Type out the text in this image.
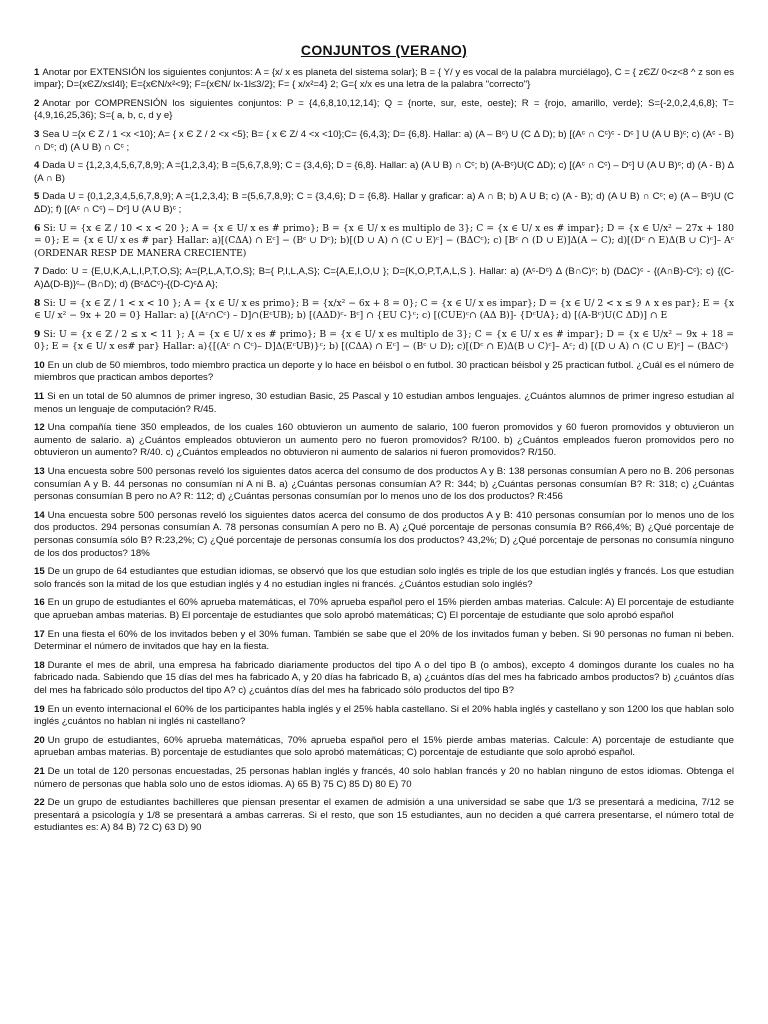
CONJUNTOS (VERANO)
1 Anotar por EXTENSIÓN los siguientes conjuntos: A = {x/ x es planeta del sistema solar}; B = { Y/ y es vocal de la palabra murciélago}, C = { zЄZ/ 0<z<8 ^ z son es impar}; D={xЄZ/x≤l4l}; E={xЄN/x²<9}; F={xЄN/ lx-1l≤3/2}; F= { x/x²=4} 2; G={ x/x es una letra de la palabra "correcto"}
2 Anotar por COMPRENSIÓN los siguientes conjuntos: P = {4,6,8,10,12,14}; Q = {norte, sur, este, oeste}; R = {rojo, amarillo, verde}; S={-2,0,2,4,6,8}; T={4,9,16,25,36}; S={ a, b, c, d y e}
3 Sea U ={x Є Z / 1 <x <10}; A= { x Є Z / 2 <x <5}; B= { x Є Z/ 4 <x <10};C= {6,4,3}; D= {6,8}. Hallar: a) (A – Bᶜ) U (C Δ D); b) [(Aᶜ ∩ Cᶜ)ᶜ - Dᶜ ] U (A U B)ᶜ; c) (Aᶜ - B) ∩ Dᶜ; d) (A U B) ∩ Cᶜ ;
4 Dada U = {1,2,3,4,5,6,7,8,9}; A ={1,2,3,4}; B ={5,6,7,8,9}; C = {3,4,6}; D = {6,8}. Hallar: a) (A U B) ∩ Cᶜ; b) (A-Bᶜ)U(C ΔD); c) [(Aᶜ ∩ Cᶜ) – Dᶜ] U (A U B)ᶜ; d) (A - B) Δ (A ∩ B)
5 Dada U = {0,1,2,3,4,5,6,7,8,9}; A ={1,2,3,4}; B ={5,6,7,8,9}; C = {3,4,6}; D = {6,8}. Hallar y graficar: a) A ∩ B; b) A U B; c) (A - B); d) (A U B) ∩ Cᶜ; e) (A – Bᶜ)U (C ΔD); f) [(Aᶜ ∩ Cᶜ) – Dᶜ] U (A U B)ᶜ ;
6 Si: U = {x ∈ ℤ / 10 < x < 20 }; A = {x ∈ U/ x es # primo}; B = {x ∈ U/ x es multiplo de 3}; C = {x ∈ U/ x es # impar}; D = {x ∈ U/x² − 27x + 180 = 0}; E = {x ∈ U/ x es # par} Hallar: a)[(CΔA) ∩ Eᶜ] − (Bᶜ ∪ Dᶜ); b)[(D ∪ A) ∩ (C ∪ E)ᶜ] − (BΔCᶜ); c) [Bᶜ ∩ (D ∪ E)]Δ(A − C); d)[(Dᶜ ∩ E)Δ(B ∪ C)ᶜ]– Aᶜ (ORDENAR RESP DE MANERA CRECIENTE)
7 Dado: U = {E,U,K,A,L,I,P,T,O,S}; A={P,L,A,T,O,S}; B={ P,I,L,A,S}; C={A,E,I,O,U }; D={K,O,P,T,A,L,S }. Hallar: a) (Aᶜ-Dᶜ) Δ (B∩C)ᶜ; b) (DΔC)ᶜ - {(A∩B)-Cᶜ}; c) {(C-A)Δ(D-B)}ᶜ– (B∩D); d) (BᶜΔCᶜ)-{(D-C)ᶜΔ A};
8 Si: U = {x ∈ ℤ / 1 < x < 10 }; A = {x ∈ U/ x es primo}; B = {x/x² − 6x + 8 = 0}; C = {x ∈ U/ x es impar}; D = {x ∈ U/ 2 < x ≤ 9 ∧ x es par}; E = {x ∈ U/ x² − 9x + 20 = 0} Hallar: a) [(Aᶜ∩Cᶜ) – D]∩(EᶜUB); b) [(AΔD)ᶜ- Bᶜ] ∩ {EU C}ᶜ; c) [(CUE)ᶜ∩ (AΔ B)]- {DᶜUA}; d) [(A-Bᶜ)U(C ΔD)] ∩ E
9 Si: U = {x ∈ ℤ / 2 ≤ x < 11 }; A = {x ∈ U/ x es # primo}; B = {x ∈ U/ x es multiplo de 3}; C = {x ∈ U/ x es # impar}; D = {x ∈ U/x² − 9x + 18 = 0}; E = {x ∈ U/ x es# par} Hallar: a){[(Aᶜ ∩ Cᶜ)– D]Δ(EᶜUB)}ᶜ; b) [(CΔA) ∩ Eᶜ] − (Bᶜ ∪ D); c)[(Dᶜ ∩ E)Δ(B ∪ C)ᶜ]– Aᶜ; d) [(D ∪ A) ∩ (C ∪ E)ᶜ] − (BΔCᶜ)
10 En un club de 50 miembros, todo miembro practica un deporte y lo hace en béisbol o en futbol. 30 practican béisbol y 25 practican futbol. ¿Cuál es el número de miembros que practican ambos deportes?
11 Si en un total de 50 alumnos de primer ingreso, 30 estudian Basic, 25 Pascal y 10 estudian ambos lenguajes. ¿Cuántos alumnos de primer ingreso estudian al menos un lenguaje de computación? R/45.
12 Una compañía tiene 350 empleados, de los cuales 160 obtuvieron un aumento de salario, 100 fueron promovidos y 60 fueron promovidos y obtuvieron un aumento de salario. a) ¿Cuántos empleados obtuvieron un aumento pero no fueron promovidos? R/100. b) ¿Cuántos empleados fueron promovidos pero no obtuvieron un aumento? R/40. c) ¿Cuántos empleados no obtuvieron ni aumento de salarios ni fueron promovidos? R/150.
13 Una encuesta sobre 500 personas reveló los siguientes datos acerca del consumo de dos productos A y B: 138 personas consumían A pero no B. 206 personas consumían A y B. 44 personas no consumían ni A ni B. a) ¿Cuántas personas consumían A? R: 344; b) ¿Cuántas personas consumían B? R: 318; c) ¿Cuántas personas consumían B pero no A? R: 112; d) ¿Cuántas personas consumían por lo menos uno de los dos productos? R:456
14 Una encuesta sobre 500 personas reveló los siguientes datos acerca del consumo de dos productos A y B: 410 personas consumían por lo menos uno de los dos productos. 294 personas consumían A. 78 personas consumían A pero no B. A) ¿Qué porcentaje de personas consumía B? R66,4%; B) ¿Qué porcentaje de personas consumía sólo B? R:23,2%; C) ¿Qué porcentaje de personas consumía los dos productos? 43,2%; D) ¿Qué porcentaje de personas no consumía ninguno de los dos productos? 18%
15 De un grupo de 64 estudiantes que estudian idiomas, se observó que los que estudian solo inglés es triple de los que estudian inglés y francés. Los que estudian solo francés son la mitad de los que estudian inglés y 4 no estudian ingles ni francés. ¿Cuántos estudian solo inglés?
16 En un grupo de estudiantes el 60% aprueba matemáticas, el 70% aprueba español pero el 15% pierden ambas materias. Calcule: A) El porcentaje de estudiante que aprueban ambas materias. B) El porcentaje de estudiantes que solo aprobó matemáticas; C) El porcentaje de estudiante que solo aprobó español
17 En una fiesta el 60% de los invitados beben y el 30% fuman. También se sabe que el 20% de los invitados fuman y beben. Si 90 personas no fuman ni beben. Determinar el número de invitados que hay en la fiesta.
18 Durante el mes de abril, una empresa ha fabricado diariamente productos del tipo A o del tipo B (o ambos), excepto 4 domingos durante los cuales no ha fabricado nada. Sabiendo que 15 días del mes ha fabricado A, y 20 días ha fabricado B, a) ¿cuántos días del mes ha fabricado ambos productos? b) ¿cuántos días del mes ha fabricado sólo productos del tipo A? c) ¿cuántos días del mes ha fabricado sólo productos del tipo B?
19 En un evento internacional el 60% de los participantes habla inglés y el 25% habla castellano. Si el 20% habla inglés y castellano y son 1200 los que hablan solo inglés ¿cuántos no hablan ni inglés ni castellano?
20 Un grupo de estudiantes, 60% aprueba matemáticas, 70% aprueba español pero el 15% pierde ambas materias. Calcule: A) porcentaje de estudiante que aprueban ambas materias. B) porcentaje de estudiantes que solo aprobó matemáticas; C) porcentaje de estudiante que solo aprobó español.
21 De un total de 120 personas encuestadas, 25 personas hablan inglés y francés, 40 solo hablan francés y 20 no hablan ninguno de estos idiomas. Obtenga el número de personas que habla solo uno de estos idiomas. A) 65 B) 75 C) 85 D) 80 E) 70
22 De un grupo de estudiantes bachilleres que piensan presentar el examen de admisión a una universidad se sabe que 1/3 se presentará a medicina, 7/12 se presentará a psicología y 1/8 se presentará a ambas carreras. Si el resto, que son 15 estudiantes, aun no deciden a qué carrera presentarse, el número total de estudiantes es: A) 84 B) 72 C) 63 D) 90
